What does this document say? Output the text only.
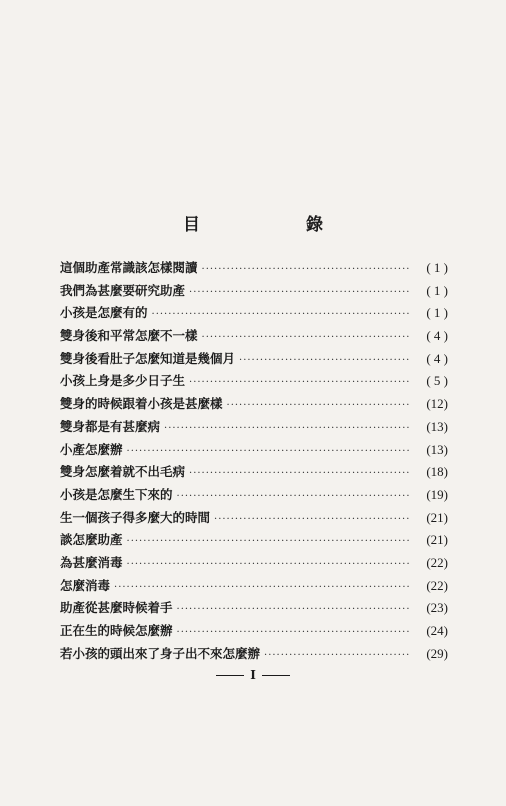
目 錄
這個助產常識該怎樣閱讀 ·····	( 1 )
我們為甚麼要研究助產 ·····	( 1 )
小孩是怎麼有的 ·····	( 1 )
雙身後和平常怎麼不一樣 ·····	( 4 )
雙身後看肚子怎麼知道是幾個月 ·····	( 4 )
小孩上身是多少日子生 ·····	( 5 )
雙身的時候跟着小孩是甚麼樣 ·····	(12)
雙身都是有甚麼病 ·····	(13)
小產怎麼辦 ·····	(13)
雙身怎麼着就不出毛病 ·····	(18)
小孩是怎麼生下來的 ·····	(19)
生一個孩子得多麼大的時間 ·····	(21)
談怎麼助產 ·····	(21)
為甚麼消毒 ·····	(22)
怎麼消毒 ·····	(22)
助產從甚麼時候着手 ·····	(23)
正在生的時候怎麼辦 ·····	(24)
若小孩的頭出來了身子出不來怎麼辦 ·····	(29)
I
